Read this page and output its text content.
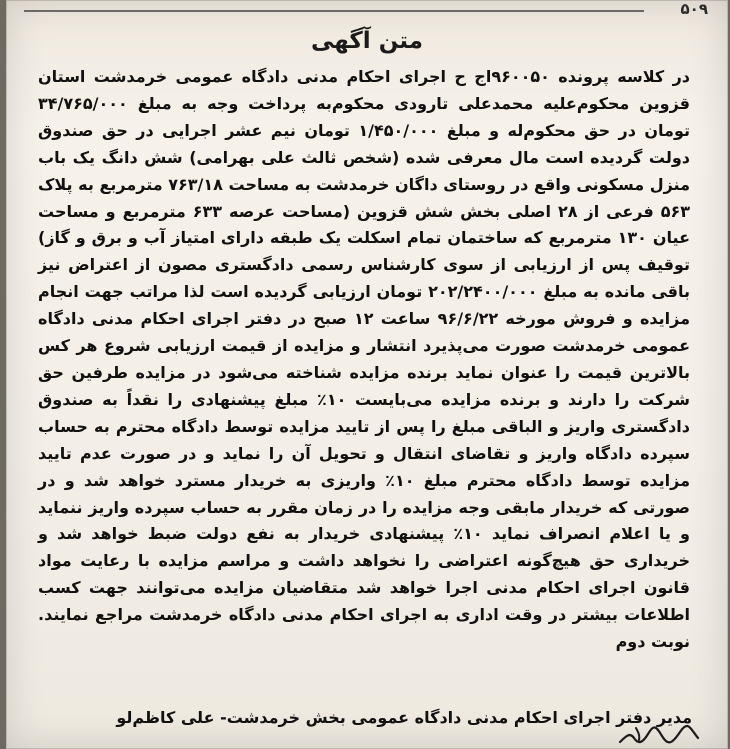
۵۰۹
متن آگهی
در کلاسه پرونده ۹۶۰۰۵۰اج ح اجرای احکام مدنی دادگاه عمومی خرمدشت استان قزوین محکوم‌علیه محمدعلی تارودی محکوم‌به پرداخت وجه به مبلغ ۳۴/۷۶۵/۰۰۰ تومان در حق محکوم‌له و مبلغ ۱/۴۵۰/۰۰۰ تومان نیم عشر اجرایی در حق صندوق دولت گردیده است مال معرفی شده (شخص ثالث علی بهرامی) شش دانگ یک باب منزل مسکونی واقع در روستای داگان خرمدشت به مساحت ۷۶۳/۱۸ مترمربع به پلاک ۵۶۳ فرعی از ۲۸ اصلی بخش شش قزوین (مساحت عرصه ۶۳۳ مترمربع و مساحت عیان ۱۳۰ مترمربع که ساختمان تمام اسکلت یک طبقه دارای امتیاز آب و برق و گاز) توقیف پس از ارزیابی از سوی کارشناس رسمی دادگستری مصون از اعتراض نیز باقی مانده به مبلغ ۲۰۲/۲۴۰۰/۰۰۰ تومان ارزیابی گردیده است لذا مراتب جهت انجام مزایده و فروش مورخه ۹۶/۶/۲۲ ساعت ۱۲ صبح در دفتر اجرای احکام مدنی دادگاه عمومی خرمدشت صورت می‌پذیرد انتشار و مزایده از قیمت ارزیابی شروع هر کس بالاترین قیمت را عنوان نماید برنده مزایده شناخته می‌شود در مزایده طرفین حق شرکت را دارند و برنده مزایده می‌بایست ۱۰٪ مبلغ پیشنهادی را نقداً به صندوق دادگستری واریز و الباقی مبلغ را پس از تایید مزایده توسط دادگاه محترم به حساب سپرده دادگاه واریز و تقاضای انتقال و تحویل آن را نماید و در صورت عدم تایید مزایده توسط دادگاه محترم مبلغ ۱۰٪ واریزی به خریدار مسترد خواهد شد و در صورتی که خریدار مابقی وجه مزایده را در زمان مقرر به حساب سپرده واریز ننماید و یا اعلام انصراف نماید ۱۰٪ پیشنهادی خریدار به نفع دولت ضبط خواهد شد و خریداری حق هیچ‌گونه اعتراضی را نخواهد داشت و مراسم مزایده با رعایت مواد قانون اجرای احکام مدنی اجرا خواهد شد متقاضیان مزایده می‌توانند جهت کسب اطلاعات بیشتر در وقت اداری به اجرای احکام مدنی دادگاه خرمدشت مراجع نمایند. نوبت دوم
مدیر دفتر اجرای احکام مدنی دادگاه عمومی بخش خرمدشت- علی کاظم‌لو
